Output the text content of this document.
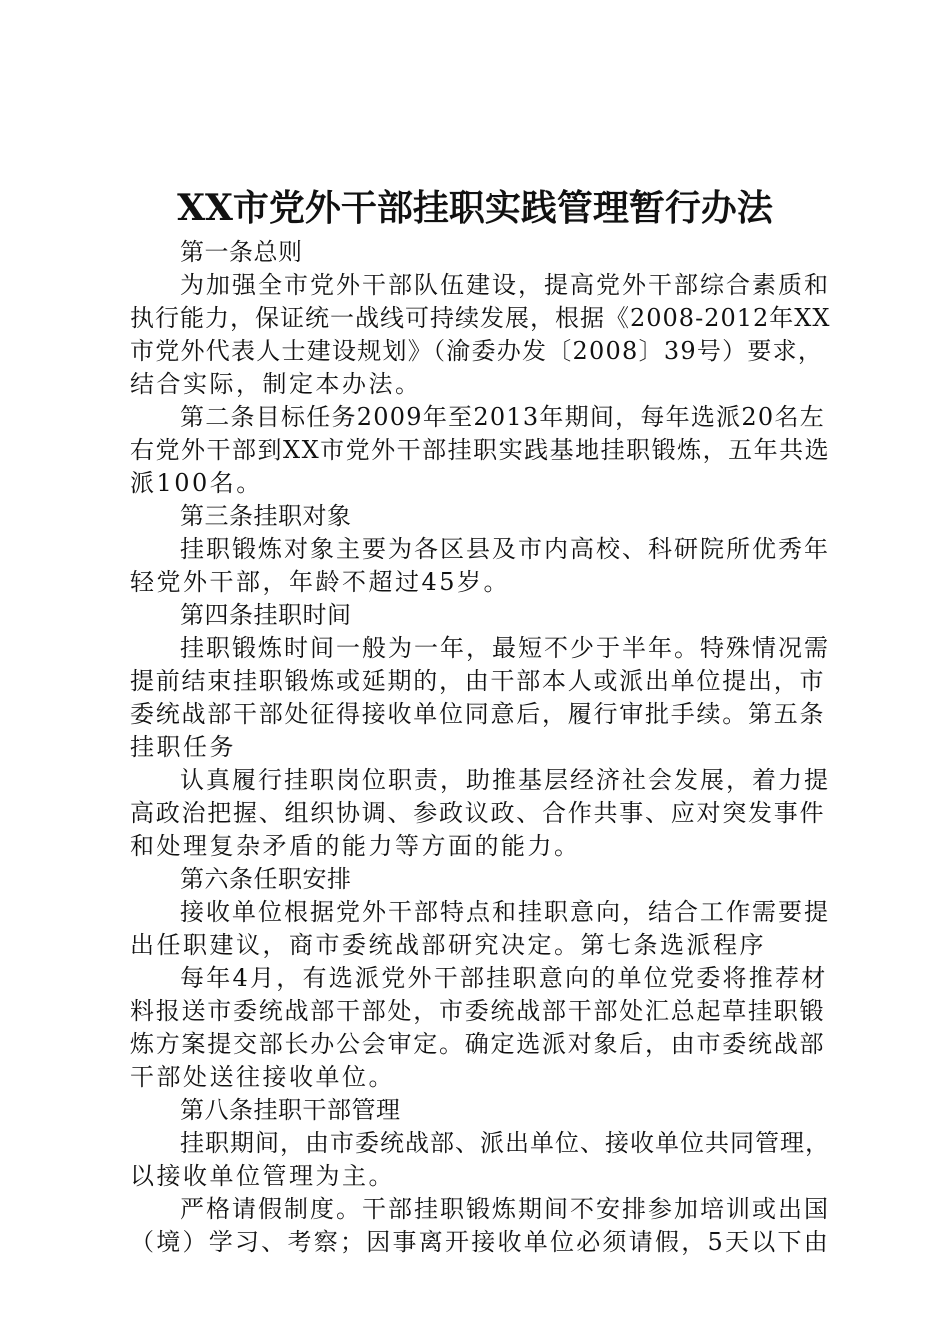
XX市党外干部挂职实践管理暂行办法

第一条总则

为加强全市党外干部队伍建设，提高党外干部综合素质和

执行能力，保证统一战线可持续发展，根据《2008-2012年XX

市党外代表人士建设规划》（渝委办发〔2008〕39号）要求，

结合实际，制定本办法。

第二条目标任务2009年至2013年期间，每年选派20名左

右党外干部到XX市党外干部挂职实践基地挂职锻炼，五年共选

派100名。

第三条挂职对象

挂职锻炼对象主要为各区县及市内高校、科研院所优秀年

轻党外干部，年龄不超过45岁。

第四条挂职时间

挂职锻炼时间一般为一年，最短不少于半年。特殊情况需

提前结束挂职锻炼或延期的，由干部本人或派出单位提出，市

委统战部干部处征得接收单位同意后，履行审批手续。第五条

挂职任务

认真履行挂职岗位职责，助推基层经济社会发展，着力提

高政治把握、组织协调、参政议政、合作共事、应对突发事件

和处理复杂矛盾的能力等方面的能力。

第六条任职安排

接收单位根据党外干部特点和挂职意向，结合工作需要提

出任职建议，商市委统战部研究决定。第七条选派程序

每年4月，有选派党外干部挂职意向的单位党委将推荐材

料报送市委统战部干部处，市委统战部干部处汇总起草挂职锻

炼方案提交部长办公会审定。确定选派对象后，由市委统战部

干部处送往接收单位。

第八条挂职干部管理

挂职期间，由市委统战部、派出单位、接收单位共同管理，

以接收单位管理为主。

严格请假制度。干部挂职锻炼期间不安排参加培训或出国

（境）学习、考察；因事离开接收单位必须请假，5天以下由
